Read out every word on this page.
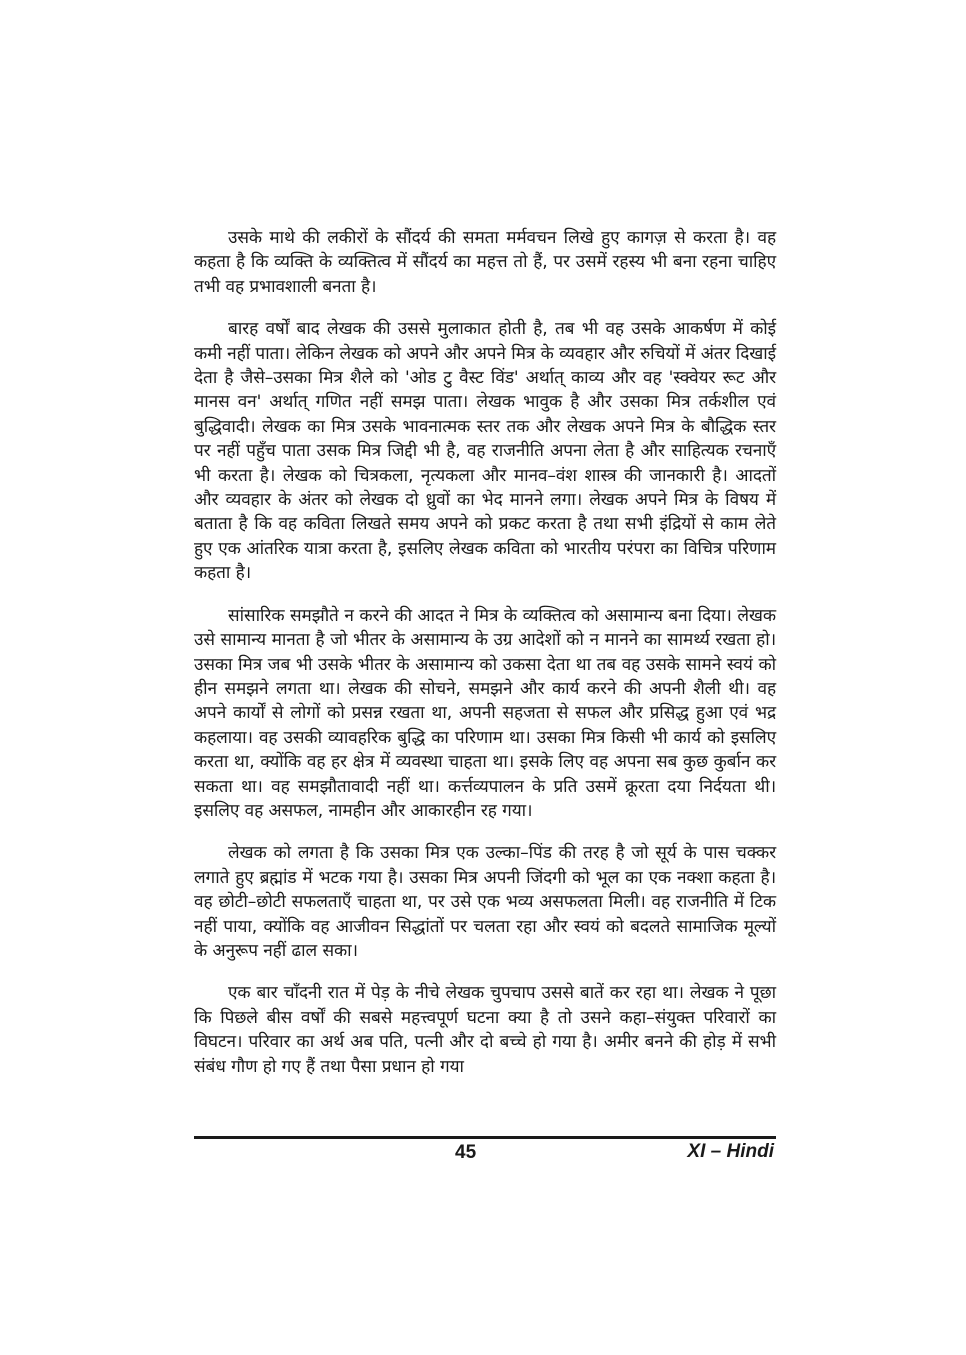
उसके माथे की लकीरों के सौंदर्य की समता मर्मवचन लिखे हुए कागज़ से करता है। वह कहता है कि व्यक्ति के व्यक्तित्व में सौंदर्य का महत्त तो हैं, पर उसमें रहस्य भी बना रहना चाहिए तभी वह प्रभावशाली बनता है।

बारह वर्षों बाद लेखक की उससे मुलाकात होती है, तब भी वह उसके आकर्षण में कोई कमी नहीं पाता। लेकिन लेखक को अपने और अपने मित्र के व्यवहार और रुचियों में अंतर दिखाई देता है जैसे–उसका मित्र शैले को 'ओड टु वैस्ट विंड' अर्थात् काव्य और वह 'स्क्वेयर रूट और मानस वन' अर्थात् गणित नहीं समझ पाता। लेखक भावुक है और उसका मित्र तर्कशील एवं बुद्धिवादी। लेखक का मित्र उसके भावनात्मक स्तर तक और लेखक अपने मित्र के बौद्धिक स्तर पर नहीं पहुँच पाता उसक मित्र जिद्दी भी है, वह राजनीति अपना लेता है और साहित्यक रचनाएँ भी करता है। लेखक को चित्रकला, नृत्यकला और मानव–वंश शास्त्र की जानकारी है। आदतों और व्यवहार के अंतर को लेखक दो ध्रुवों का भेद मानने लगा। लेखक अपने मित्र के विषय में बताता है कि वह कविता लिखते समय अपने को प्रकट करता है तथा सभी इंद्रियों से काम लेते हुए एक आंतरिक यात्रा करता है, इसलिए लेखक कविता को भारतीय परंपरा का विचित्र परिणाम कहता है।

सांसारिक समझौते न करने की आदत ने मित्र के व्यक्तित्व को असामान्य बना दिया। लेखक उसे सामान्य मानता है जो भीतर के असामान्य के उग्र आदेशों को न मानने का सामर्थ्य रखता हो। उसका मित्र जब भी उसके भीतर के असामान्य को उकसा देता था तब वह उसके सामने स्वयं को हीन समझने लगता था। लेखक की सोचने, समझने और कार्य करने की अपनी शैली थी। वह अपने कार्यों से लोगों को प्रसन्न रखता था, अपनी सहजता से सफल और प्रसिद्ध हुआ एवं भद्र कहलाया। वह उसकी व्यावहरिक बुद्धि का परिणाम था। उसका मित्र किसी भी कार्य को इसलिए करता था, क्योंकि वह हर क्षेत्र में व्यवस्था चाहता था। इसके लिए वह अपना सब कुछ कुर्बान कर सकता था। वह समझौतावादी नहीं था। कर्त्तव्यपालन के प्रति उसमें क्रूरता दया निर्दयता थी। इसलिए वह असफल, नामहीन और आकारहीन रह गया।

लेखक को लगता है कि उसका मित्र एक उल्का–पिंड की तरह है जो सूर्य के पास चक्कर लगाते हुए ब्रह्मांड में भटक गया है। उसका मित्र अपनी जिंदगी को भूल का एक नक्शा कहता है। वह छोटी–छोटी सफलताएँ चाहता था, पर उसे एक भव्य असफलता मिली। वह राजनीति में टिक नहीं पाया, क्योंकि वह आजीवन सिद्धांतों पर चलता रहा और स्वयं को बदलते सामाजिक मूल्यों के अनुरूप नहीं ढाल सका।

एक बार चाँदनी रात में पेड़ के नीचे लेखक चुपचाप उससे बातें कर रहा था। लेखक ने पूछा कि पिछले बीस वर्षों की सबसे महत्त्वपूर्ण घटना क्या है तो उसने कहा–संयुक्त परिवारों का विघटन। परिवार का अर्थ अब पति, पत्नी और दो बच्चे हो गया है। अमीर बनने की होड़ में सभी संबंध गौण हो गए हैं तथा पैसा प्रधान हो गया

45	XI – Hindi
